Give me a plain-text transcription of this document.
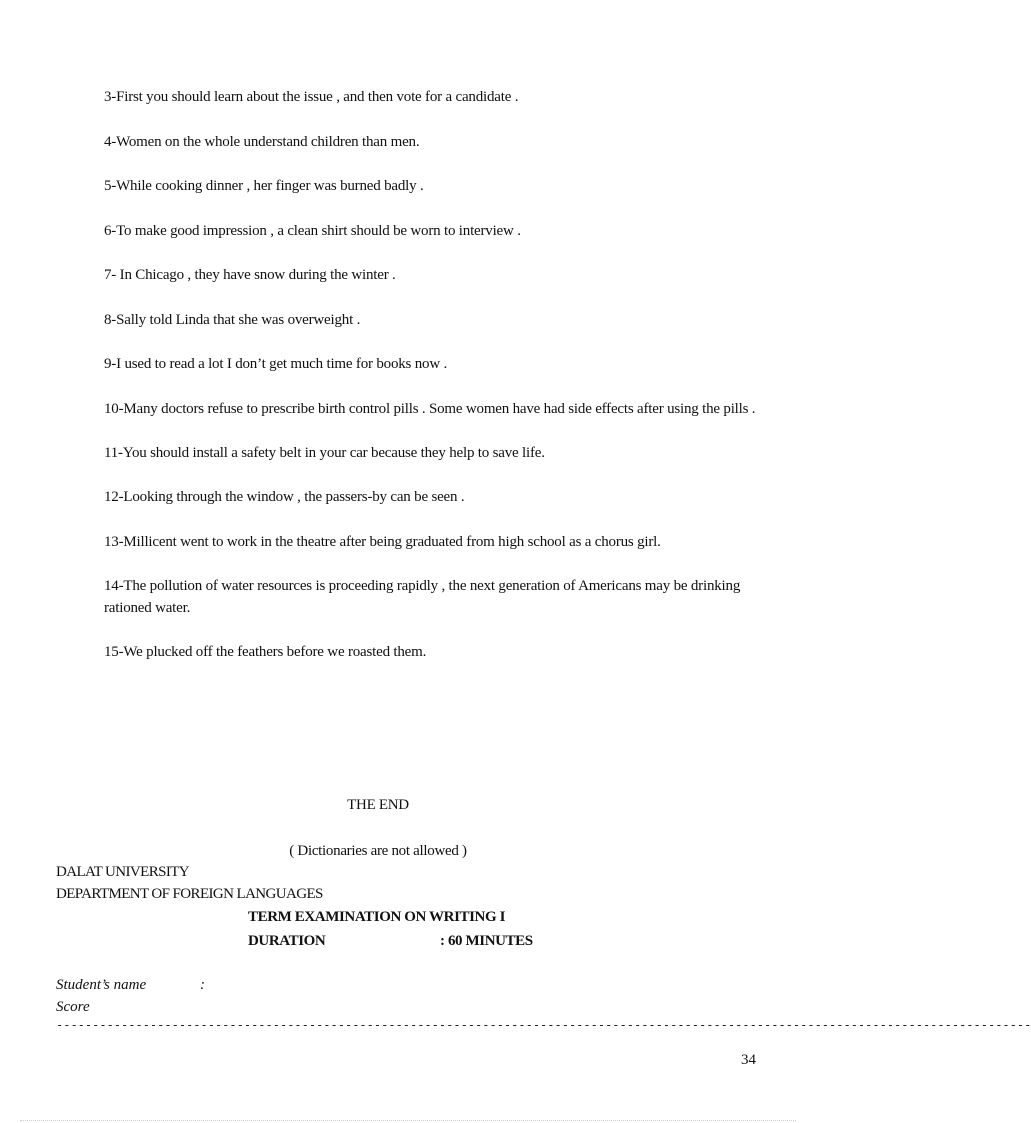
3-First you should learn about the issue , and then vote for a candidate .
4-Women on the whole understand children than men.
5-While cooking dinner , her finger was burned badly .
6-To make good impression , a clean shirt should be worn to interview .
7- In Chicago , they have snow during the winter .
8-Sally told Linda that she was overweight .
9-I used to read a lot I don’t get much time for books now .
10-Many doctors refuse to prescribe birth control pills . Some women have had side effects after using the pills .
11-You should install a safety belt in your car because they help to save life.
12-Looking through the window , the passers-by can be seen .
13-Millicent went to work in the theatre after being graduated from high school as a chorus girl.
14-The pollution of water resources is proceeding rapidly , the next generation of Americans may be drinking rationed water.
15-We plucked off the feathers before we roasted them.
THE END
( Dictionaries are not allowed )
DALAT UNIVERSITY
DEPARTMENT OF FOREIGN LANGUAGES
TERM EXAMINATION ON WRITING I
DURATION	: 60 MINUTES
Student’s name	:
Score
---------------------------------------------------------------------------------------------------------------------------------------
34
